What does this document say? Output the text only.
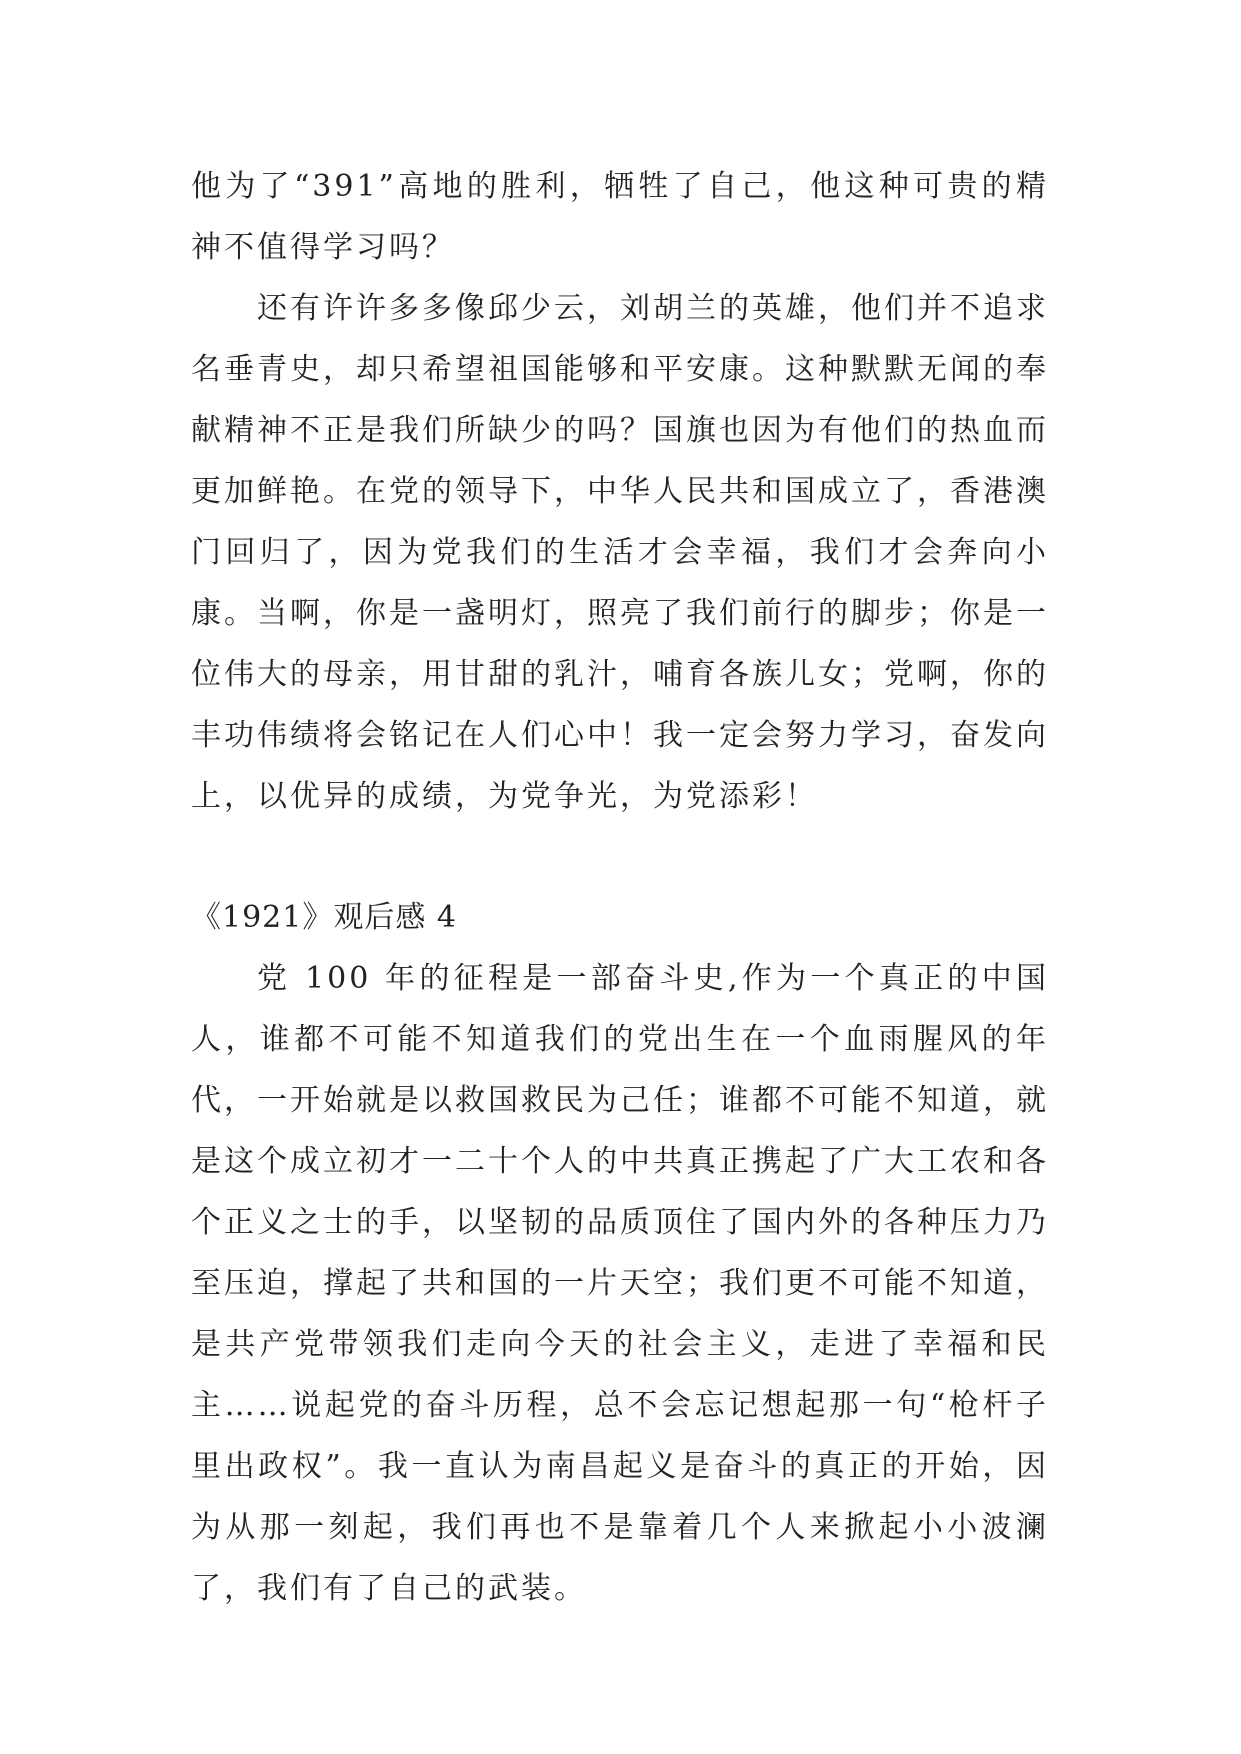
他为了“391”高地的胜利，牺牲了自己，他这种可贵的精神不值得学习吗？

还有许许多多像邱少云，刘胡兰的英雄，他们并不追求名垂青史，却只希望祖国能够和平安康。这种默默无闻的奉献精神不正是我们所缺少的吗？国旗也因为有他们的热血而更加鲜艳。在党的领导下，中华人民共和国成立了，香港澳门回归了，因为党我们的生活才会幸福，我们才会奔向小康。当啊，你是一盏明灯，照亮了我们前行的脚步；你是一位伟大的母亲，用甘甜的乳汁，哺育各族儿女；党啊，你的丰功伟绩将会铭记在人们心中！我一定会努力学习，奋发向上，以优异的成绩，为党争光，为党添彩！

《1921》观后感 4

党 100 年的征程是一部奋斗史,作为一个真正的中国人，谁都不可能不知道我们的党出生在一个血雨腥风的年代，一开始就是以救国救民为己任；谁都不可能不知道，就是这个成立初才一二十个人的中共真正携起了广大工农和各个正义之士的手，以坚韧的品质顶住了国内外的各种压力乃至压迫，撑起了共和国的一片天空；我们更不可能不知道，是共产党带领我们走向今天的社会主义，走进了幸福和民主……说起党的奋斗历程，总不会忘记想起那一句“枪杆子里出政权”。我一直认为南昌起义是奋斗的真正的开始，因为从那一刻起，我们再也不是靠着几个人来掀起小小波澜了，我们有了自己的武装。
